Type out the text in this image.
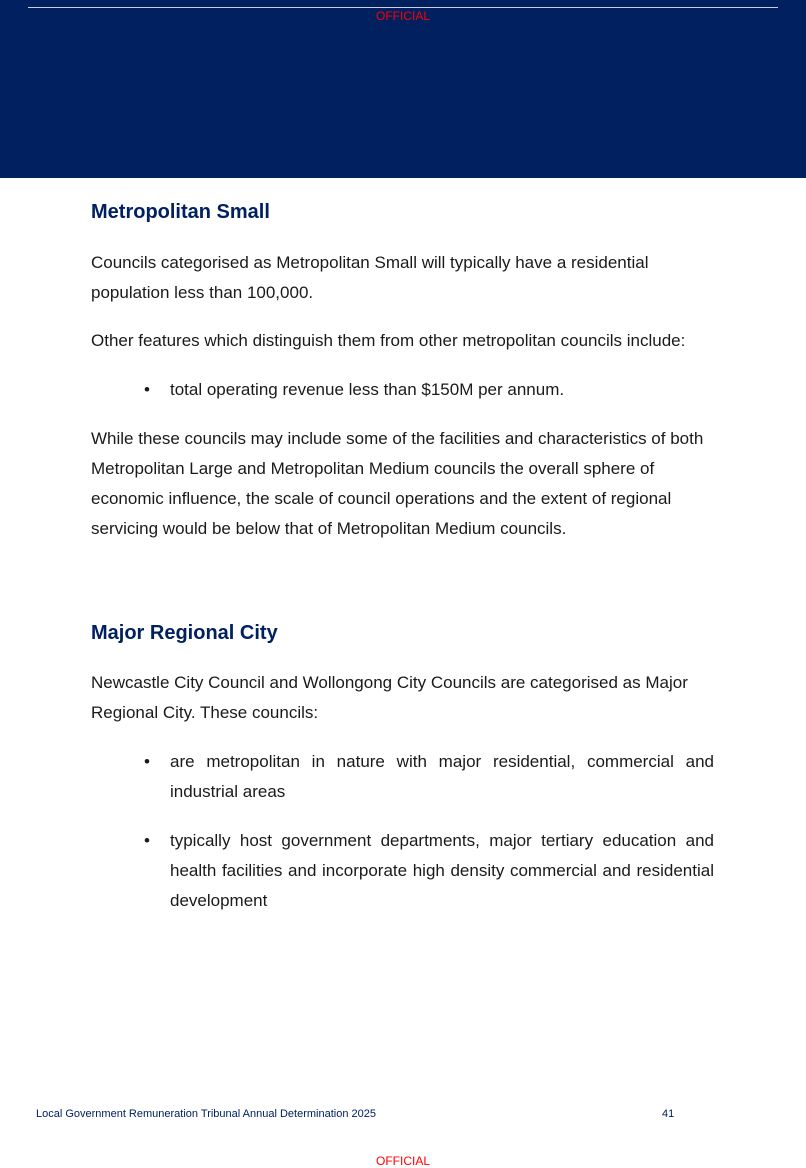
OFFICIAL
Metropolitan Small

Councils categorised as Metropolitan Small will typically have a residential population less than 100,000.

Other features which distinguish them from other metropolitan councils include:

• total operating revenue less than $150M per annum.

While these councils may include some of the facilities and characteristics of both Metropolitan Large and Metropolitan Medium councils the overall sphere of economic influence, the scale of council operations and the extent of regional servicing would be below that of Metropolitan Medium councils.

Major Regional City

Newcastle City Council and Wollongong City Councils are categorised as Major Regional City. These councils:

• are metropolitan in nature with major residential, commercial and industrial areas
• typically host government departments, major tertiary education and health facilities and incorporate high density commercial and residential development
Local Government Remuneration Tribunal Annual Determination 2025	41
OFFICIAL
